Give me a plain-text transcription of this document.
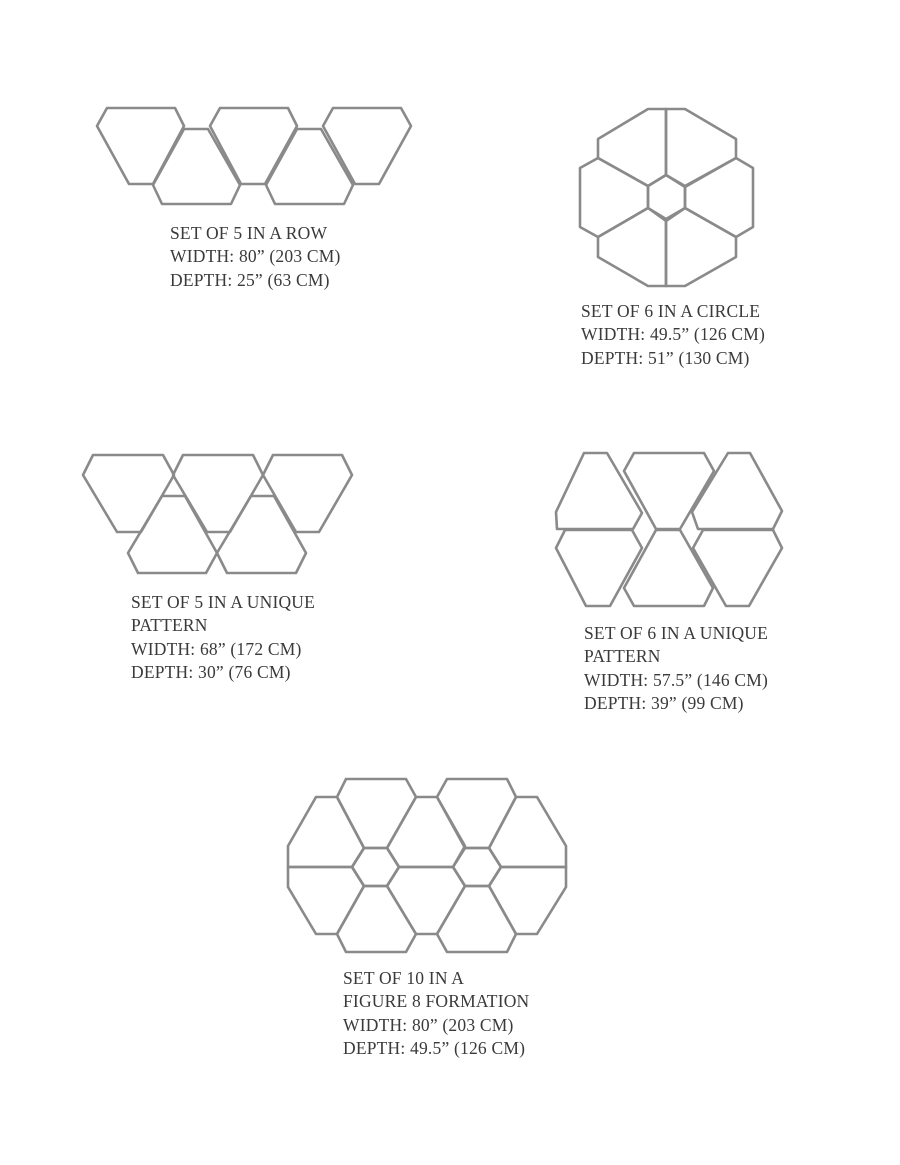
SET OF 5 IN A ROW
WIDTH: 80” (203 CM)
DEPTH: 25” (63 CM)
SET OF 6 IN A CIRCLE
WIDTH: 49.5” (126 CM)
DEPTH: 51” (130 CM)
SET OF 5 IN A UNIQUE
PATTERN
WIDTH: 68” (172 CM)
DEPTH: 30” (76 CM)
SET OF 6 IN A UNIQUE
PATTERN
WIDTH: 57.5” (146 CM)
DEPTH: 39” (99 CM)
SET OF 10 IN A
FIGURE 8 FORMATION
WIDTH: 80” (203 CM)
DEPTH: 49.5” (126 CM)
